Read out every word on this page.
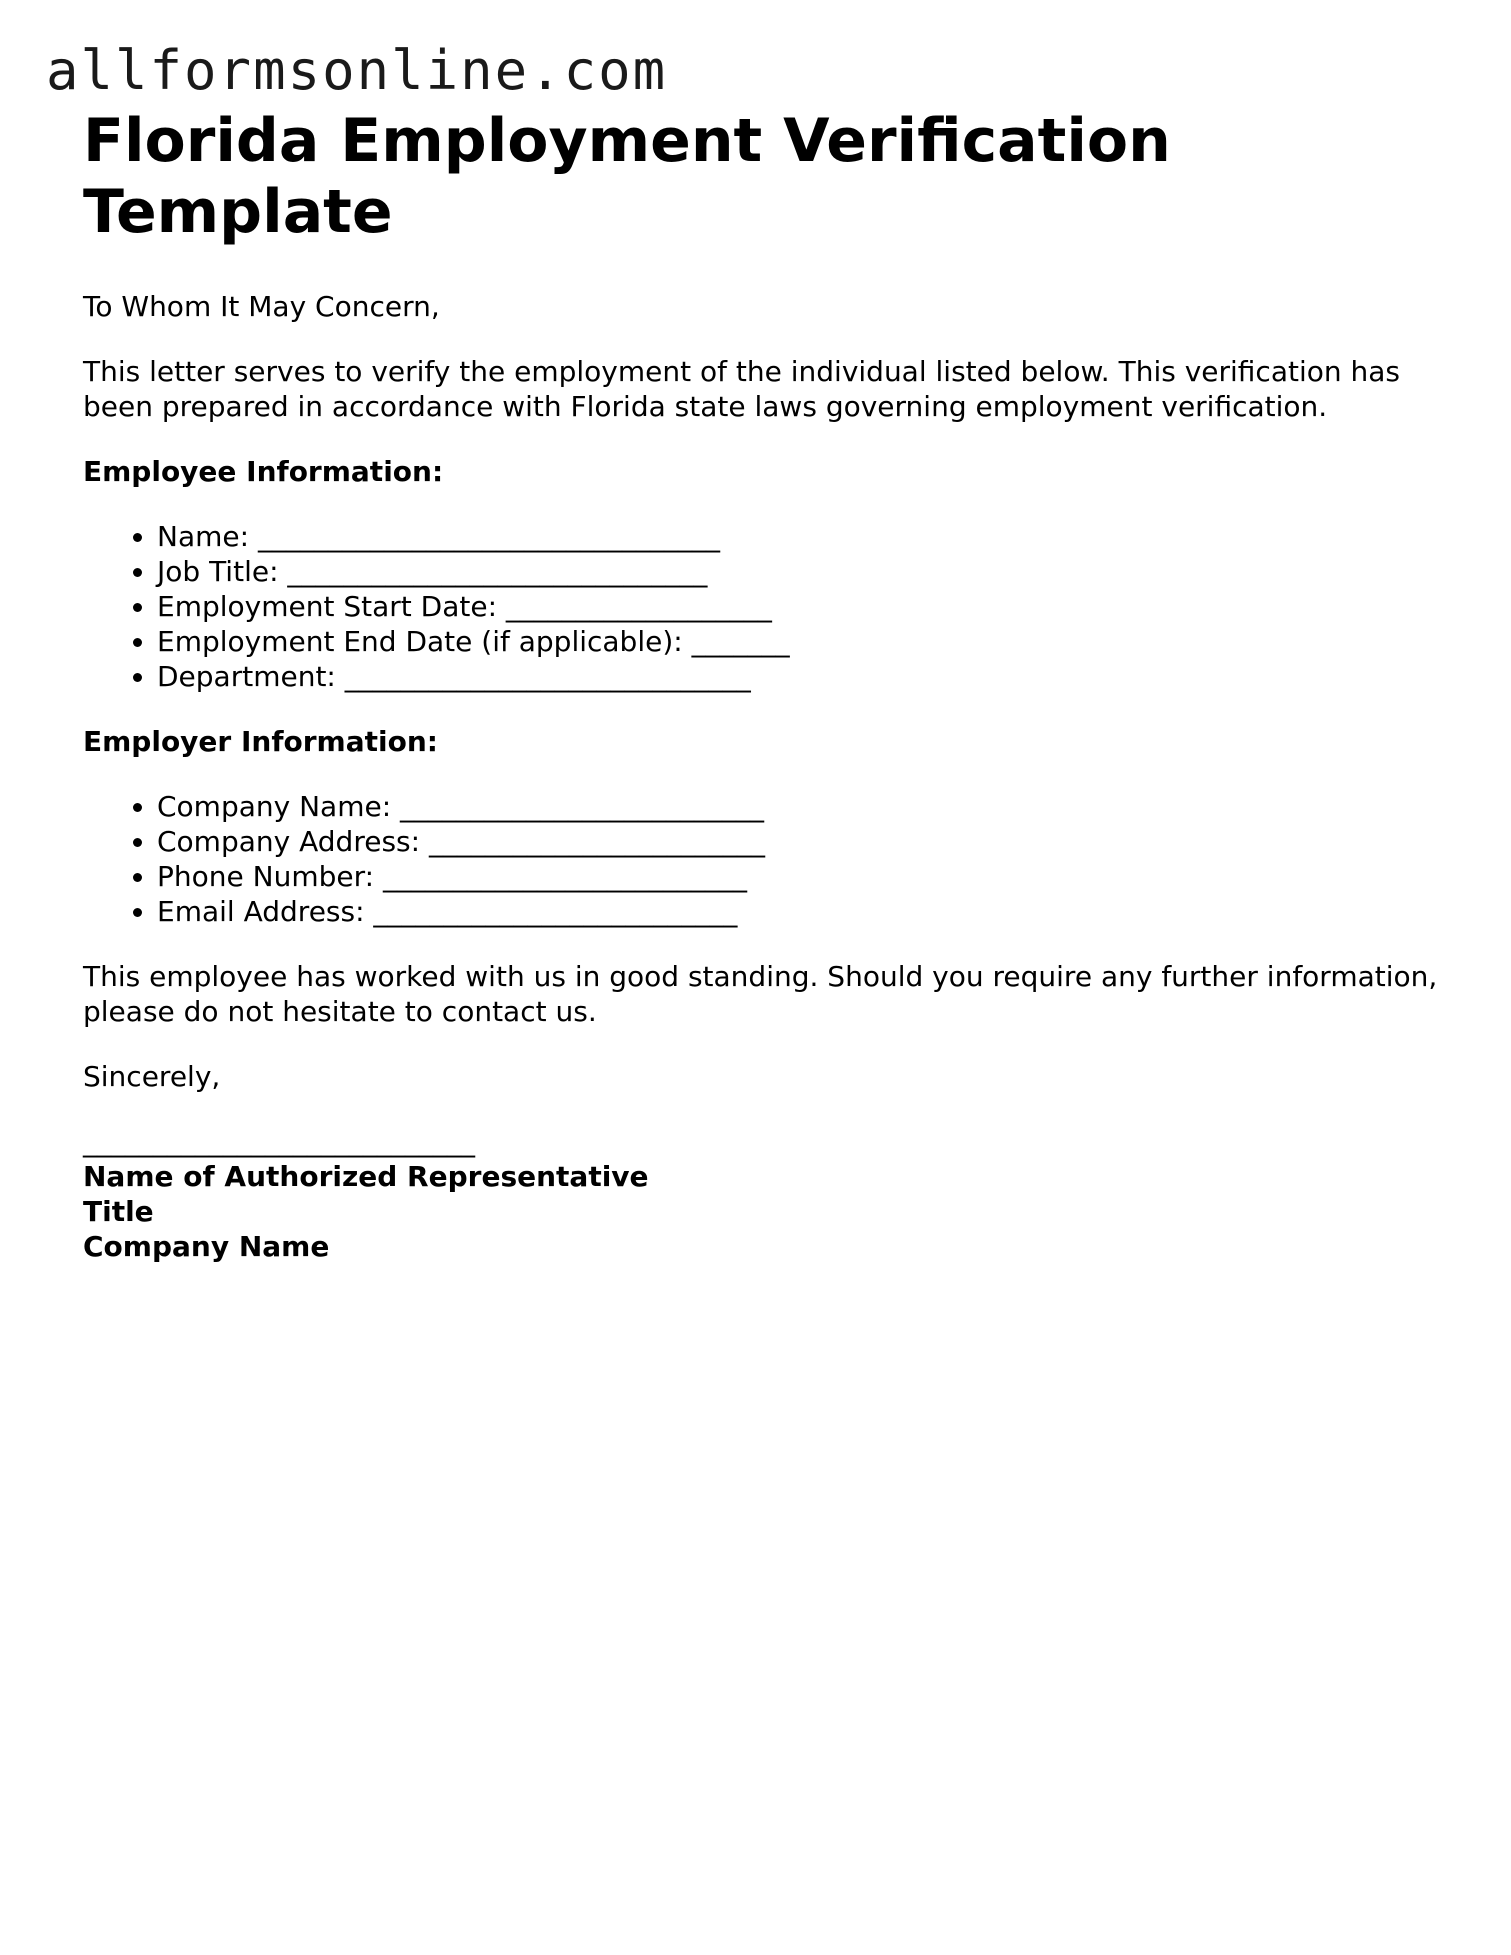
allformsonline.com
Florida Employment Verification Template

To Whom It May Concern,

This letter serves to verify the employment of the individual listed below. This verification has been prepared in accordance with Florida state laws governing employment verification.

Employee Information:
• Name: _________________________________
• Job Title: ______________________________
• Employment Start Date: ___________________
• Employment End Date (if applicable): _______
• Department: _____________________________
Employer Information:
• Company Name: __________________________
• Company Address: ________________________
• Phone Number: __________________________
• Email Address: __________________________

This employee has worked with us in good standing. Should you require any further information, please do not hesitate to contact us.

Sincerely,

____________________________
Name of Authorized Representative
Title
Company Name
